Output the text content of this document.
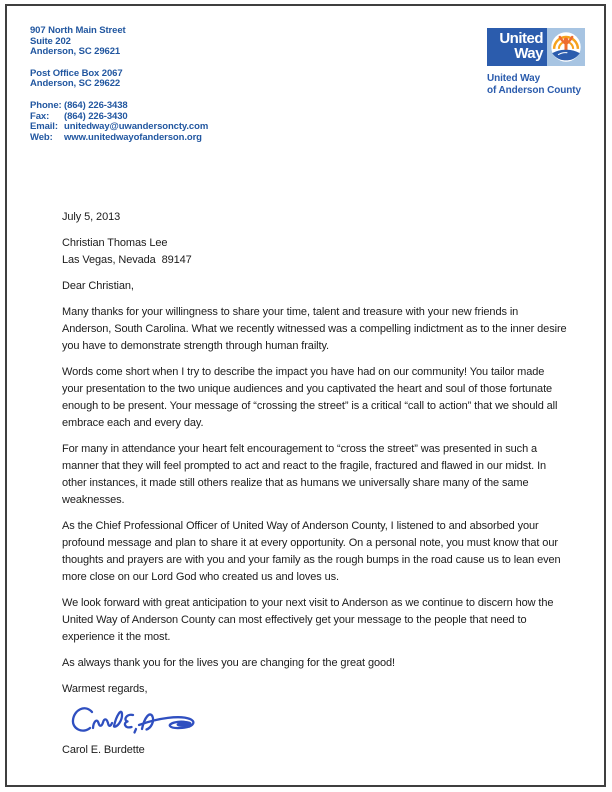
907 North Main Street
Suite 202
Anderson, SC 29621
Post Office Box 2067
Anderson, SC 29622
Phone: (864) 226-3438
Fax:	(864) 226-3430
Email: unitedway@uwandersoncty.com
Web:	www.unitedwayofanderson.org
United
Way
United Way
of Anderson County
July 5, 2013
Christian Thomas Lee
Las Vegas, Nevada  89147
Dear Christian,

Many thanks for your willingness to share your time, talent and treasure with your new friends in Anderson, South Carolina. What we recently witnessed was a compelling indictment as to the inner desire you have to demonstrate strength through human frailty.

Words come short when I try to describe the impact you have had on our community! You tailor made your presentation to the two unique audiences and you captivated the heart and soul of those fortunate enough to be present. Your message of “crossing the street” is a critical “call to action” that we should all embrace each and every day.

For many in attendance your heart felt encouragement to “cross the street” was presented in such a manner that they will feel prompted to act and react to the fragile, fractured and flawed in our midst. In other instances, it made still others realize that as humans we universally share many of the same weaknesses.

As the Chief Professional Officer of United Way of Anderson County, I listened to and absorbed your profound message and plan to share it at every opportunity. On a personal note, you must know that our thoughts and prayers are with you and your family as the rough bumps in the road cause us to lean even more close on our Lord God who created us and loves us.

We look forward with great anticipation to your next visit to Anderson as we continue to discern how the United Way of Anderson County can most effectively get your message to the people that need to experience it the most.

As always thank you for the lives you are changing for the great good!

Warmest regards,
Carol E. Burdette
